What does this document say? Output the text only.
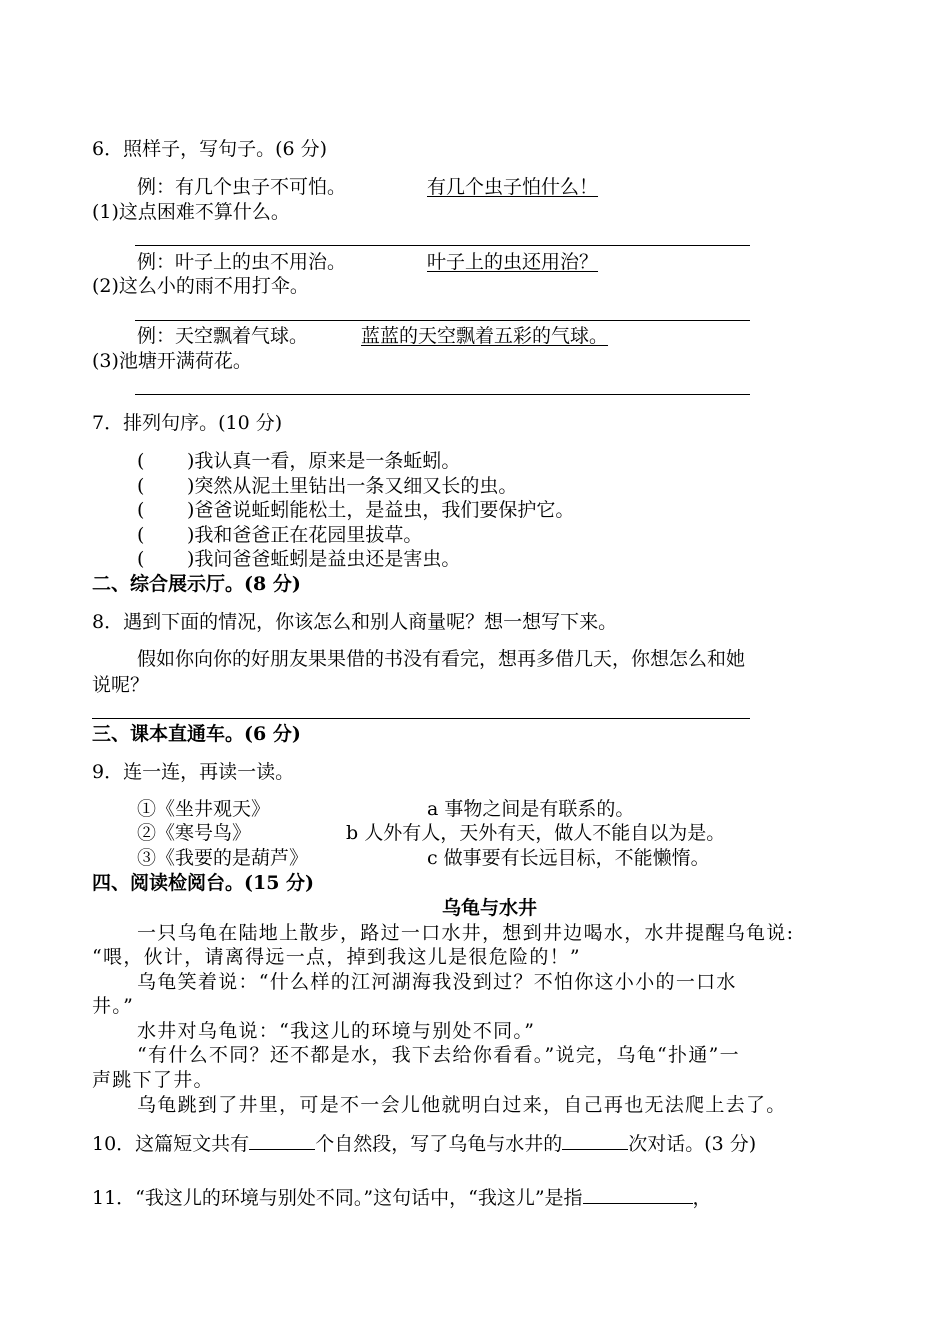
6．照样子，写句子。(6 分)
例：有几个虫子不可怕。	有几个虫子怕什么！
(1)这点困难不算什么。
例：叶子上的虫不用治。	叶子上的虫还用治？
(2)这么小的雨不用打伞。
例：天空飘着气球。	蓝蓝的天空飘着五彩的气球。
(3)池塘开满荷花。
7．排列句序。(10 分)
( )我认真一看，原来是一条蚯蚓。
( )突然从泥土里钻出一条又细又长的虫。
( )爸爸说蚯蚓能松土，是益虫，我们要保护它。
( )我和爸爸正在花园里拔草。
( )我问爸爸蚯蚓是益虫还是害虫。
二、综合展示厅。(8 分)
8．遇到下面的情况，你该怎么和别人商量呢？想一想写下来。
假如你向你的好朋友果果借的书没有看完，想再多借几天，你想怎么和她
说呢？
三、课本直通车。(6 分)
9．连一连，再读一读。
①《坐井观天》	a 事物之间是有联系的。
②《寒号鸟》	b 人外有人，天外有天，做人不能自以为是。
③《我要的是葫芦》	c 做事要有长远目标，不能懒惰。
四、阅读检阅台。(15 分)
乌龟与水井
一只乌龟在陆地上散步，路过一口水井，想到井边喝水，水井提醒乌龟说:
“喂，伙计，请离得远一点，掉到我这儿是很危险的！”
乌龟笑着说：“什么样的江河湖海我没到过？不怕你这小小的一口水
井。”
水井对乌龟说：“我这儿的环境与别处不同。”
“有什么不同？还不都是水，我下去给你看看。”说完，乌龟“扑通”一
声跳下了井。
乌龟跳到了井里，可是不一会儿他就明白过来，自己再也无法爬上去了。
10．这篇短文共有	个自然段，写了乌龟与水井的	次对话。(3 分)
11．“我这儿的环境与别处不同。”这句话中，“我这儿”是指	，
